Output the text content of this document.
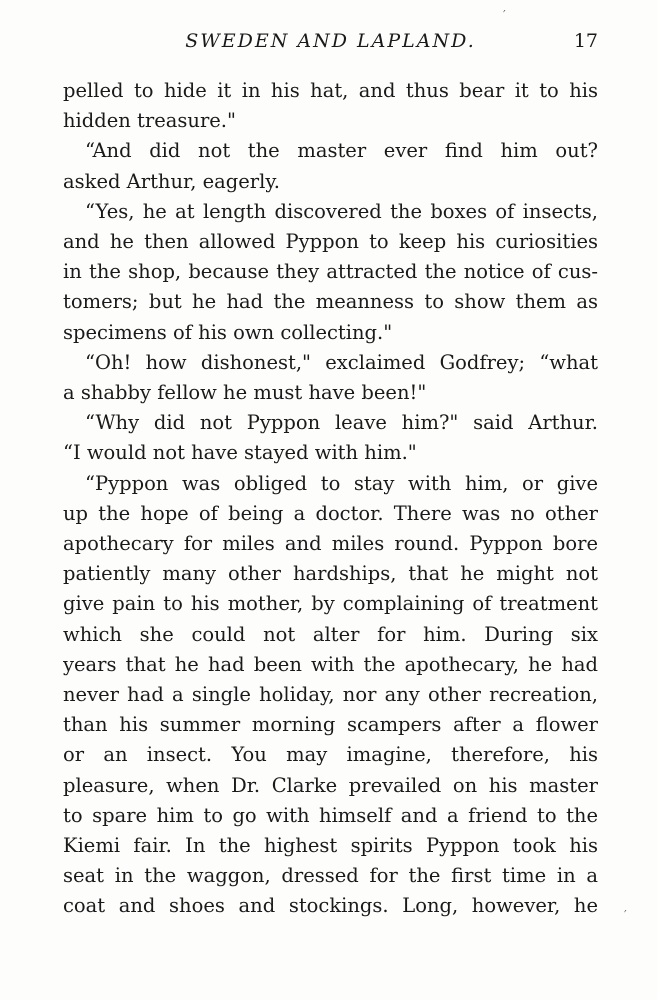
SWEDEN AND LAPLAND.	17
pelled to hide it in his hat, and thus bear it to his
hidden treasure."
“And did not the master ever find him out?
asked Arthur, eagerly.
“Yes, he at length discovered the boxes of insects,
and he then allowed Pyppon to keep his curiosities
in the shop, because they attracted the notice of cus-
tomers; but he had the meanness to show them as
specimens of his own collecting."
“Oh! how dishonest," exclaimed Godfrey; “what
a shabby fellow he must have been!"
“Why did not Pyppon leave him?" said Arthur.
“I would not have stayed with him."
“Pyppon was obliged to stay with him, or give
up the hope of being a doctor. There was no other
apothecary for miles and miles round. Pyppon bore
patiently many other hardships, that he might not
give pain to his mother, by complaining of treatment
which she could not alter for him. During six
years that he had been with the apothecary, he had
never had a single holiday, nor any other recreation,
than his summer morning scampers after a flower
or an insect. You may imagine, therefore, his
pleasure, when Dr. Clarke prevailed on his master
to spare him to go with himself and a friend to the
Kiemi fair. In the highest spirits Pyppon took his
seat in the waggon, dressed for the first time in a
coat and shoes and stockings. Long, however, he
′
′
